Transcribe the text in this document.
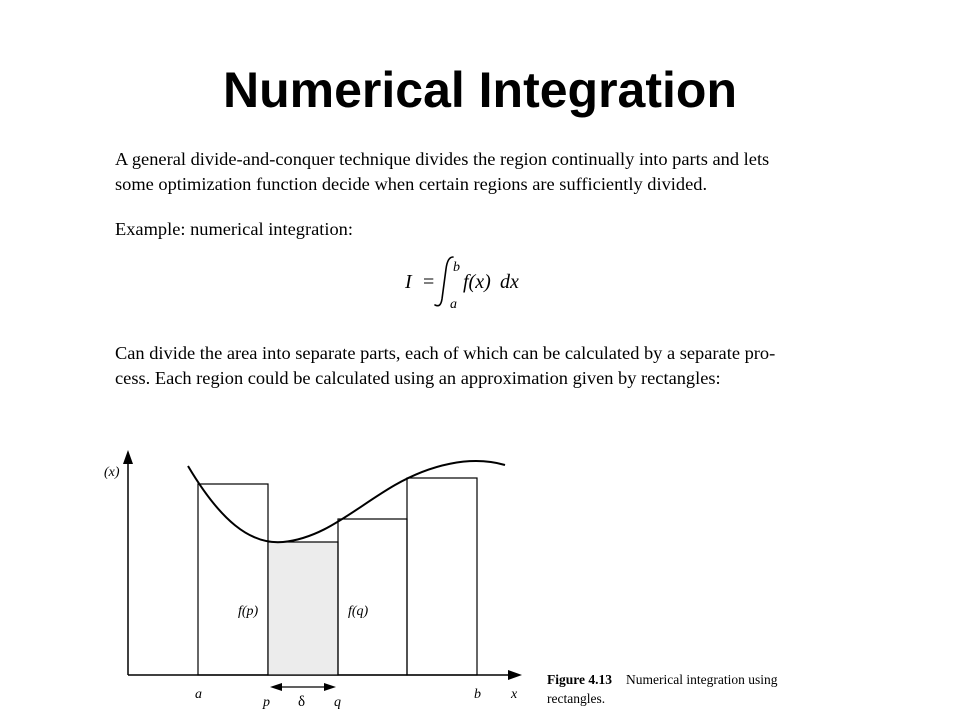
Numerical Integration
A general divide-and-conquer technique divides the region continually into parts and lets
some optimization function decide when certain regions are sufficiently divided.
Example: numerical integration:
I =
b
a
f(x) dx
Can divide the area into separate parts, each of which can be calculated by a separate pro-
cess. Each region could be calculated using an approximation given by rectangles:
(x)
f(p)	f(q)
a
p δ q
b x
Figure 4.13 Numerical integration using
rectangles.
